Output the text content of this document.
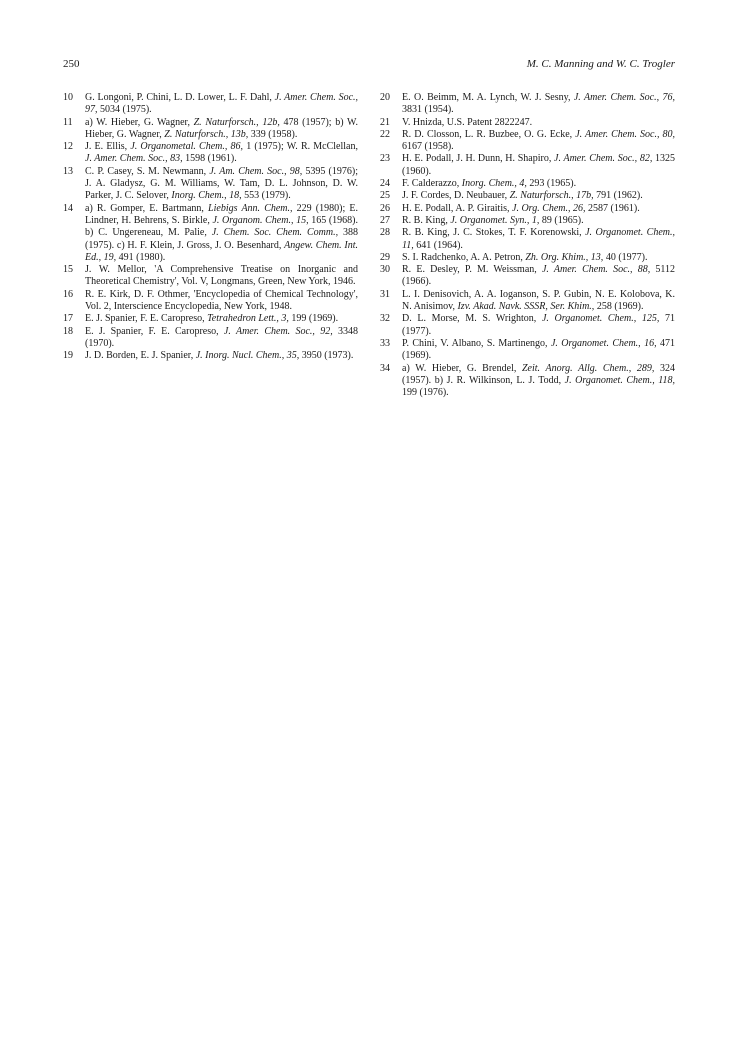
250	M. C. Manning and W. C. Trogler
10	G. Longoni, P. Chini, L. D. Lower, L. F. Dahl, J. Amer. Chem. Soc., 97, 5034 (1975).
11	a) W. Hieber, G. Wagner, Z. Naturforsch., 12b, 478 (1957); b) W. Hieber, G. Wagner, Z. Naturforsch., 13b, 339 (1958).
12	J. E. Ellis, J. Organometal. Chem., 86, 1 (1975); W. R. McClellan, J. Amer. Chem. Soc., 83, 1598 (1961).
13	C. P. Casey, S. M. Newmann, J. Am. Chem. Soc., 98, 5395 (1976); J. A. Gladysz, G. M. Williams, W. Tam, D. L. Johnson, D. W. Parker, J. C. Selover, Inorg. Chem., 18, 553 (1979).
14	a) R. Gomper, E. Bartmann, Liebigs Ann. Chem., 229 (1980); E. Lindner, H. Behrens, S. Birkle, J. Organom. Chem., 15, 165 (1968). b) C. Ungereneau, M. Palie, J. Chem. Soc. Chem. Comm., 388 (1975). c) H. F. Klein, J. Gross, J. O. Besenhard, Angew. Chem. Int. Ed., 19, 491 (1980).
15	J. W. Mellor, 'A Comprehensive Treatise on Inorganic and Theoretical Chemistry', Vol. V, Longmans, Green, New York, 1946.
16	R. E. Kirk, D. F. Othmer, 'Encyclopedia of Chemical Technology', Vol. 2, Interscience Encyclopedia, New York, 1948.
17	E. J. Spanier, F. E. Caropreso, Tetrahedron Lett., 3, 199 (1969).
18	E. J. Spanier, F. E. Caropreso, J. Amer. Chem. Soc., 92, 3348 (1970).
19	J. D. Borden, E. J. Spanier, J. Inorg. Nucl. Chem., 35, 3950 (1973).
20	E. O. Beimm, M. A. Lynch, W. J. Sesny, J. Amer. Chem. Soc., 76, 3831 (1954).
21	V. Hnizda, U.S. Patent 2822247.
22	R. D. Closson, L. R. Buzbee, O. G. Ecke, J. Amer. Chem. Soc., 80, 6167 (1958).
23	H. E. Podall, J. H. Dunn, H. Shapiro, J. Amer. Chem. Soc., 82, 1325 (1960).
24	F. Calderazzo, Inorg. Chem., 4, 293 (1965).
25	J. F. Cordes, D. Neubauer, Z. Naturforsch., 17b, 791 (1962).
26	H. E. Podall, A. P. Giraitis, J. Org. Chem., 26, 2587 (1961).
27	R. B. King, J. Organomet. Syn., 1, 89 (1965).
28	R. B. King, J. C. Stokes, T. F. Korenowski, J. Organomet. Chem., 11, 641 (1964).
29	S. I. Radchenko, A. A. Petron, Zh. Org. Khim., 13, 40 (1977).
30	R. E. Desley, P. M. Weissman, J. Amer. Chem. Soc., 88, 5112 (1966).
31	L. I. Denisovich, A. A. Ioganson, S. P. Gubin, N. E. Kolobova, K. N. Anisimov, Izv. Akad. Navk. SSSR, Ser. Khim., 258 (1969).
32	D. L. Morse, M. S. Wrighton, J. Organomet. Chem., 125, 71 (1977).
33	P. Chini, V. Albano, S. Martinengo, J. Organomet. Chem., 16, 471 (1969).
34	a) W. Hieber, G. Brendel, Zeit. Anorg. Allg. Chem., 289, 324 (1957). b) J. R. Wilkinson, L. J. Todd, J. Organomet. Chem., 118, 199 (1976).
